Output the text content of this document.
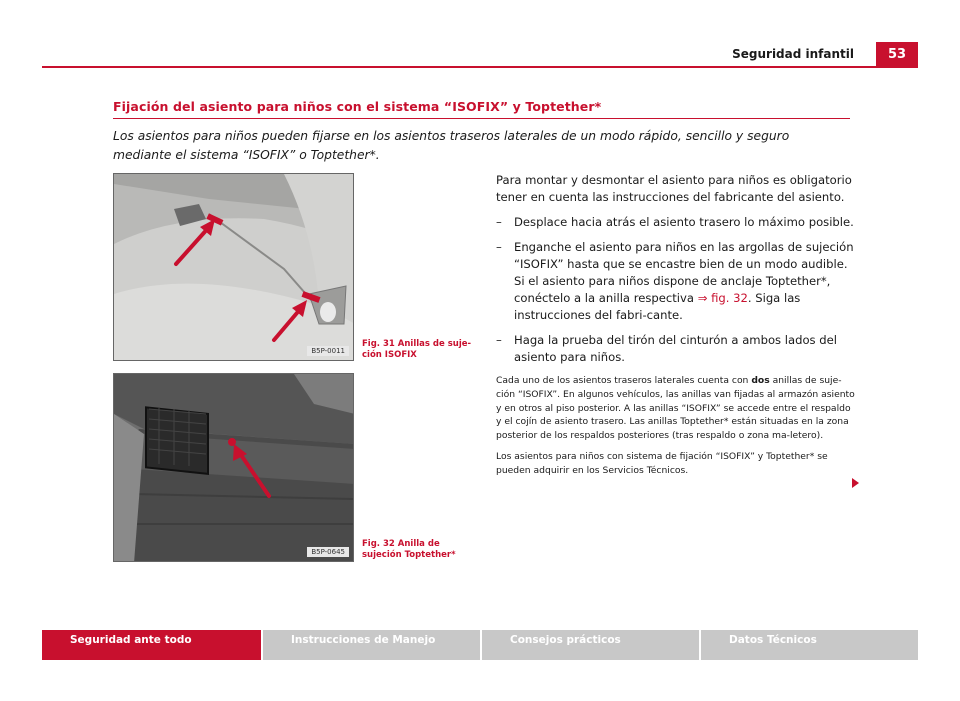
Seguridad infantil	53
Fijación del asiento para niños con el sistema “ISOFIX” y Toptether*
Los asientos para niños pueden fijarse en los asientos traseros laterales de un modo rápido, sencillo y seguro mediante el sistema “ISOFIX” o Toptether*.
B5P-0011
Fig. 31 Anillas de suje-ción ISOFIX
B5P-0645
Fig. 32 Anilla de sujeción Toptether*

Para montar y desmontar el asiento para niños es obligatorio tener en cuenta las instrucciones del fabricante del asiento.

–	Desplace hacia atrás el asiento trasero lo máximo posible.
–	Enganche el asiento para niños en las argollas de sujeción “ISOFIX” hasta que se encastre bien de un modo audible. Si el asiento para niños dispone de anclaje Toptether*, conéctelo a la anilla respectiva ⇒ fig. 32. Siga las instrucciones del fabri-cante.
–	Haga la prueba del tirón del cinturón a ambos lados del asiento para niños.

Cada uno de los asientos traseros laterales cuenta con dos anillas de suje-ción “ISOFIX”. En algunos vehículos, las anillas van fijadas al armazón asiento y en otros al piso posterior. A las anillas “ISOFIX” se accede entre el respaldo y el cojín de asiento trasero. Las anillas Toptether* están situadas en la zona posterior de los respaldos posteriores (tras respaldo o zona ma-letero).

Los asientos para niños con sistema de fijación “ISOFIX” y Toptether* se pueden adquirir en los Servicios Técnicos.

Seguridad ante todo	Instrucciones de Manejo	Consejos prácticos	Datos Técnicos
